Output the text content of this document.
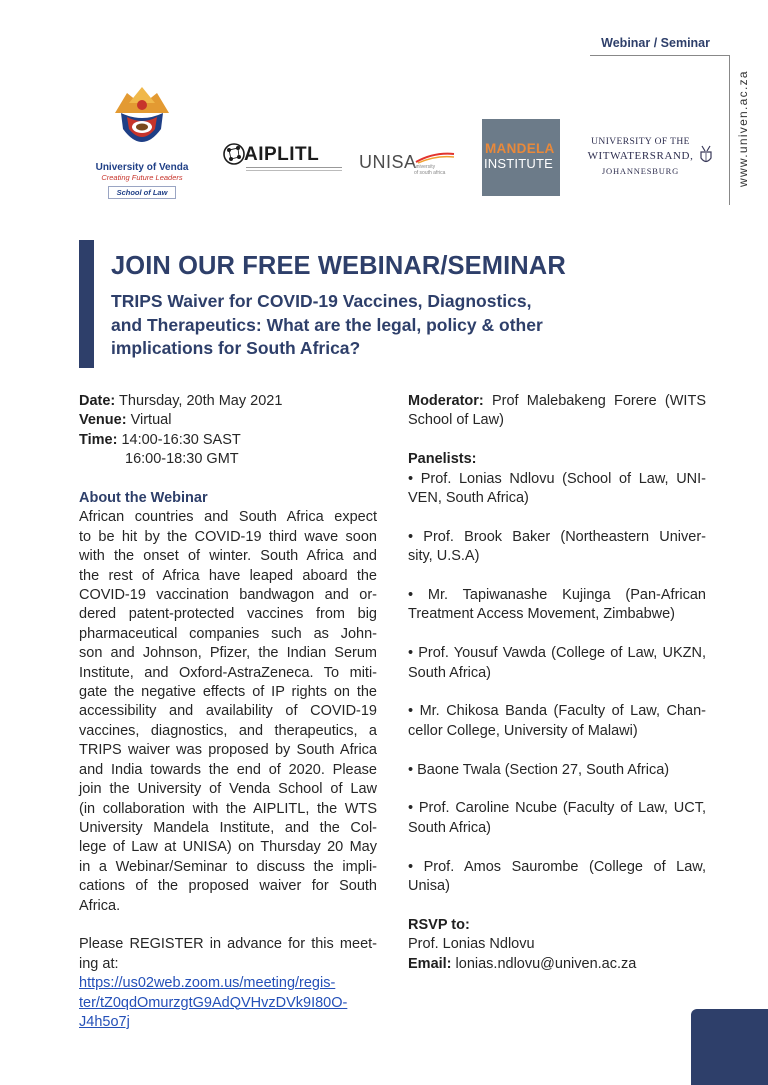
Webinar / Seminar
www.univen.ac.za
University of Venda
Creating Future Leaders
School of Law
AIPLITL UNISA
university
of south africa
MANDELA
INSTITUTE
UNIVERSITY OF THE
WITWATERSRAND,
JOHANNESBURG
JOIN OUR FREE WEBINAR/SEMINAR
TRIPS Waiver for COVID-19 Vaccines, Diagnostics,
and Therapeutics: What are the legal, policy & other
implications for South Africa?
Date: Thursday, 20th May 2021
Venue: Virtual
Time: 14:00-16:30 SAST
16:00-18:30 GMT
About the Webinar
African countries and South Africa expect
to be hit by the COVID-19 third wave soon
with the onset of winter. South Africa and
the rest of Africa have leaped aboard the
COVID-19 vaccination bandwagon and or-
dered patent-protected vaccines from big
pharmaceutical companies such as John-
son and Johnson, Pfizer, the Indian Serum
Institute, and Oxford-AstraZeneca. To miti-
gate the negative effects of IP rights on the
accessibility and availability of COVID-19
vaccines, diagnostics, and therapeutics, a
TRIPS waiver was proposed by South Africa
and India towards the end of 2020. Please
join the University of Venda School of Law
(in collaboration with the AIPLITL, the WTS
University Mandela Institute, and the Col-
lege of Law at UNISA) on Thursday 20 May
in a Webinar/Seminar to discuss the impli-
cations of the proposed waiver for South
Africa.
Please REGISTER in advance for this meet-
ing at:
https://us02web.zoom.us/meeting/regis-
ter/tZ0qdOmurzgtG9AdQVHvzDVk9I80O-
J4h5o7j
Moderator: Prof Malebakeng Forere (WITS
School of Law)
Panelists:
• Prof. Lonias Ndlovu (School of Law, UNI-
VEN, South Africa)
• Prof. Brook Baker (Northeastern Univer-
sity, U.S.A)
• Mr. Tapiwanashe Kujinga (Pan-African
Treatment Access Movement, Zimbabwe)
• Prof. Yousuf Vawda (College of Law, UKZN,
South Africa)
• Mr. Chikosa Banda (Faculty of Law, Chan-
cellor College, University of Malawi)
• Baone Twala (Section 27, South Africa)
• Prof. Caroline Ncube (Faculty of Law, UCT,
South Africa)
• Prof. Amos Saurombe (College of Law,
Unisa)
RSVP to:
Prof. Lonias Ndlovu
Email: lonias.ndlovu@univen.ac.za
